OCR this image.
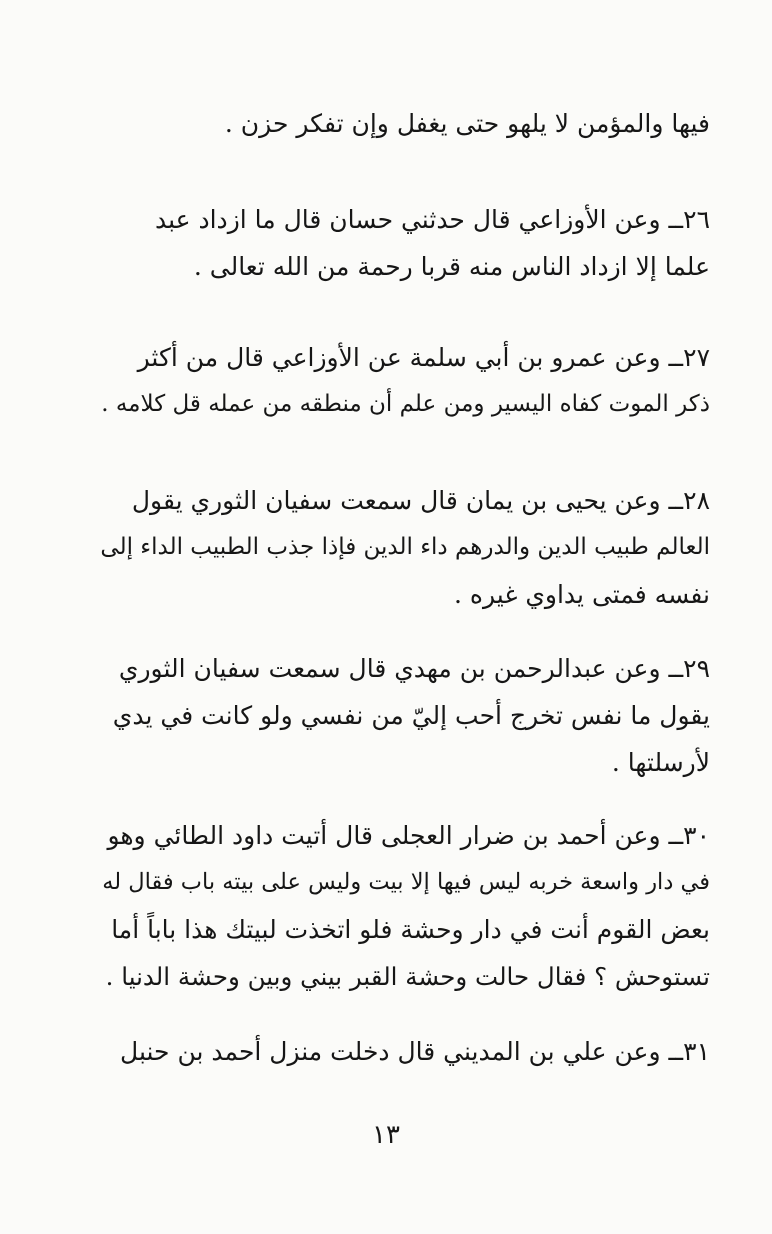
فيها والمؤمن لا يلهو حتى يغفل وإن تفكر حزن .

٢٦ــ وعن الأوزاعي قال حدثني حسان قال ما ازداد عبد
علما إلا ازداد الناس منه قربا رحمة من الله تعالى .

٢٧ــ وعن عمرو بن أبي سلمة عن الأوزاعي قال من أكثر
ذكر الموت كفاه اليسير ومن علم أن منطقه من عمله قل كلامه .

٢٨ــ وعن يحيى بن يمان قال سمعت سفيان الثوري يقول
العالم طبيب الدين والدرهم داء الدين فإذا جذب الطبيب الداء إلى
نفسه فمتى يداوي غيره .

٢٩ــ وعن عبدالرحمن بن مهدي قال سمعت سفيان الثوري
يقول ما نفس تخرج أحب إليّ من نفسي ولو كانت في يدي
لأرسلتها .

٣٠ــ وعن أحمد بن ضرار العجلى قال أتيت داود الطائي وهو
في دار واسعة خربه ليس فيها إلا بيت وليس على بيته باب فقال له
بعض القوم أنت في دار وحشة فلو اتخذت لبيتك هذا باباً أما
تستوحش ؟ فقال حالت وحشة القبر بيني وبين وحشة الدنيا .

٣١ــ وعن علي بن المديني قال دخلت منزل أحمد بن حنبل

١٣
